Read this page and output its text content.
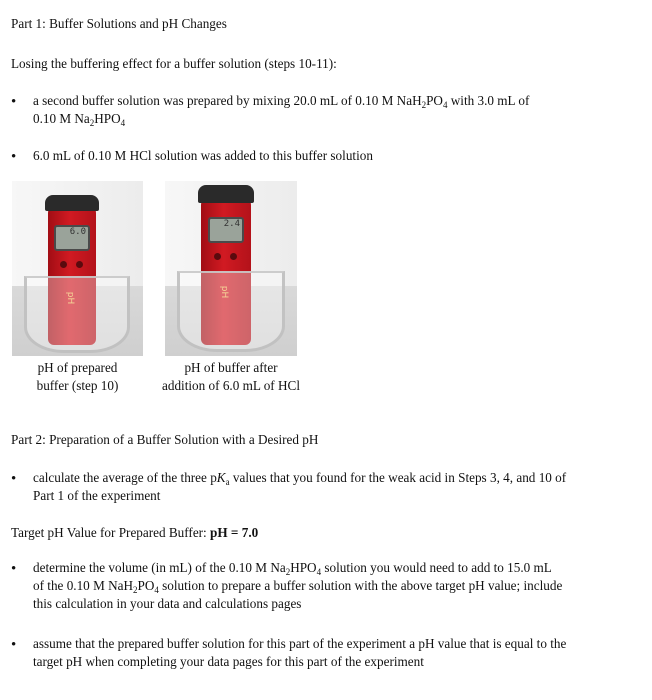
Part 1: Buffer Solutions and pH Changes
Losing the buffering effect for a buffer solution (steps 10-11):
• a second buffer solution was prepared by mixing 20.0 mL of 0.10 M $NaH_2PO_4$ with 3.0 mL of
0.10 M $Na_2HPO_4$
• 6.0 mL of 0.10 M HCl solution was added to this buffer solution
6.0
pH
pH of prepared
buffer (step 10)
2.4
pH
pH of buffer after
addition of 6.0 mL of HCl
Part 2: Preparation of a Buffer Solution with a Desired pH
• calculate the average of the three $pK_a$ values that you found for the weak acid in Steps 3, 4, and 10 of
Part 1 of the experiment
Target pH Value for Prepared Buffer: pH = 7.0
• determine the volume (in mL) of the 0.10 M $Na_2HPO_4$ solution you would need to add to 15.0 mL
of the 0.10 M $NaH_2PO_4$ solution to prepare a buffer solution with the above target pH value; include
this calculation in your data and calculations pages
• assume that the prepared buffer solution for this part of the experiment a pH value that is equal to the
target pH when completing your data pages for this part of the experiment
